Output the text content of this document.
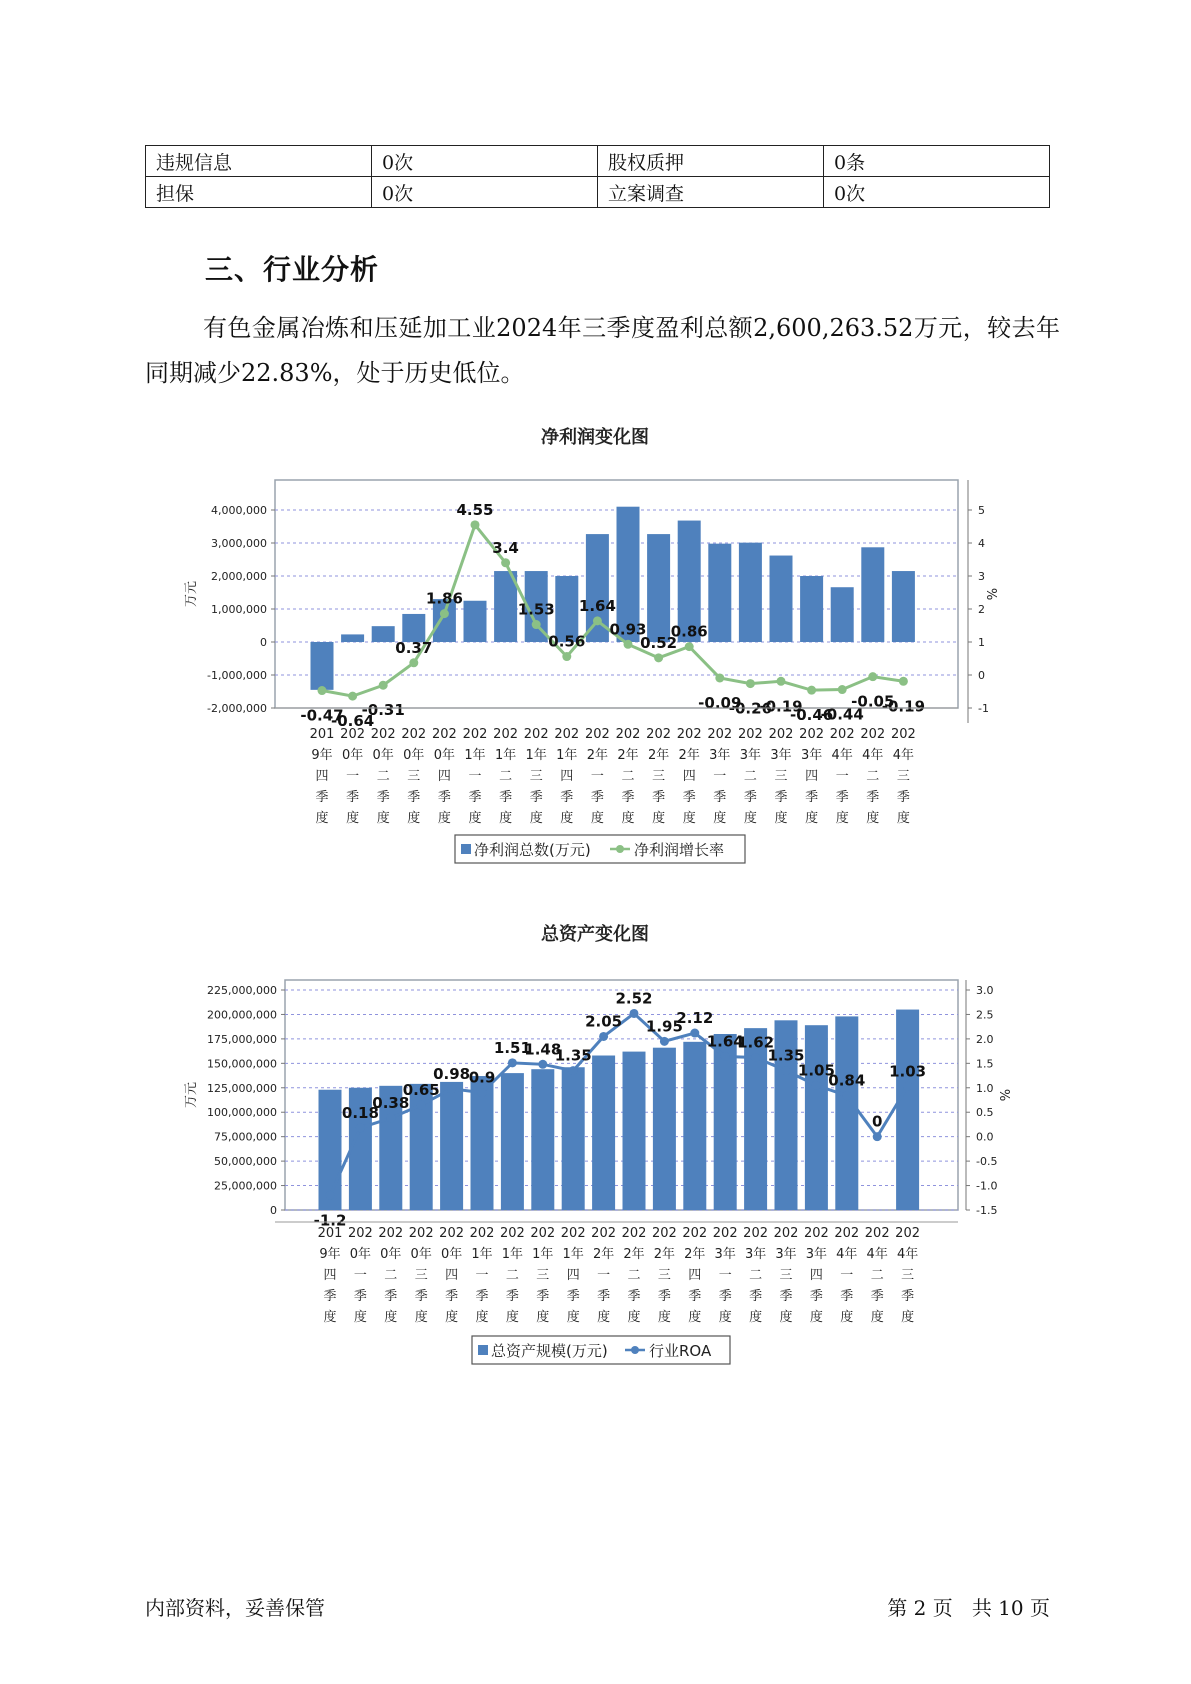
违规信息	0次	股权质押	0条
担保	0次	立案调查	0次
三、行业分析

有色金属冶炼和压延加工业2024年三季度盈利总额2,600,263.52万元，较去年同期减少22.83%，处于历史低位。

净利润变化图
4,000,000
3,000,000
2,000,000
1,000,000
0
-1,000,000
-2,000,000
5
4
3
2
1
0
-1
万元	%
-0.47
-0.64
-0.31
0.37
1.86
4.55
3.4
1.53
0.56
1.64
0.93
0.52
0.86
-0.09
-0.26
-0.19
-0.46
-0.44
-0.05
-0.19
201 9年四季度
202 0年一季度
202 0年二季度
202 0年三季度
202 0年四季度
202 1年一季度
202 1年二季度
202 1年三季度
202 1年四季度
202 2年一季度
202 2年二季度
202 2年三季度
202 2年四季度
202 3年一季度
202 3年二季度
202 3年三季度
202 3年四季度
202 4年一季度
202 4年二季度
202 4年三季度
净利润总数(万元)	净利润增长率
总资产变化图
225,000,000
200,000,000
175,000,000
150,000,000
125,000,000
100,000,000
75,000,000
50,000,000
25,000,000
0
3.0
2.5
2.0
1.5
1.0
0.5
0.0
-0.5
-1.0
-1.5
万元	%
-1.2
0.18
0.38
0.65
0.98
0.9
1.51
1.48
1.35
2.05
2.52
1.95
2.12
1.64
1.62
1.35
1.05
0.84
0
1.03
201 9年四季度
202 0年一季度
202 0年二季度
202 0年三季度
202 0年四季度
202 1年一季度
202 1年二季度
202 1年三季度
202 1年四季度
202 2年一季度
202 2年二季度
202 2年三季度
202 2年四季度
202 3年一季度
202 3年二季度
202 3年三季度
202 3年四季度
202 4年一季度
202 4年二季度
202 4年三季度
总资产规模(万元)	行业ROA
内部资料，妥善保管	第 2 页   共 10 页
